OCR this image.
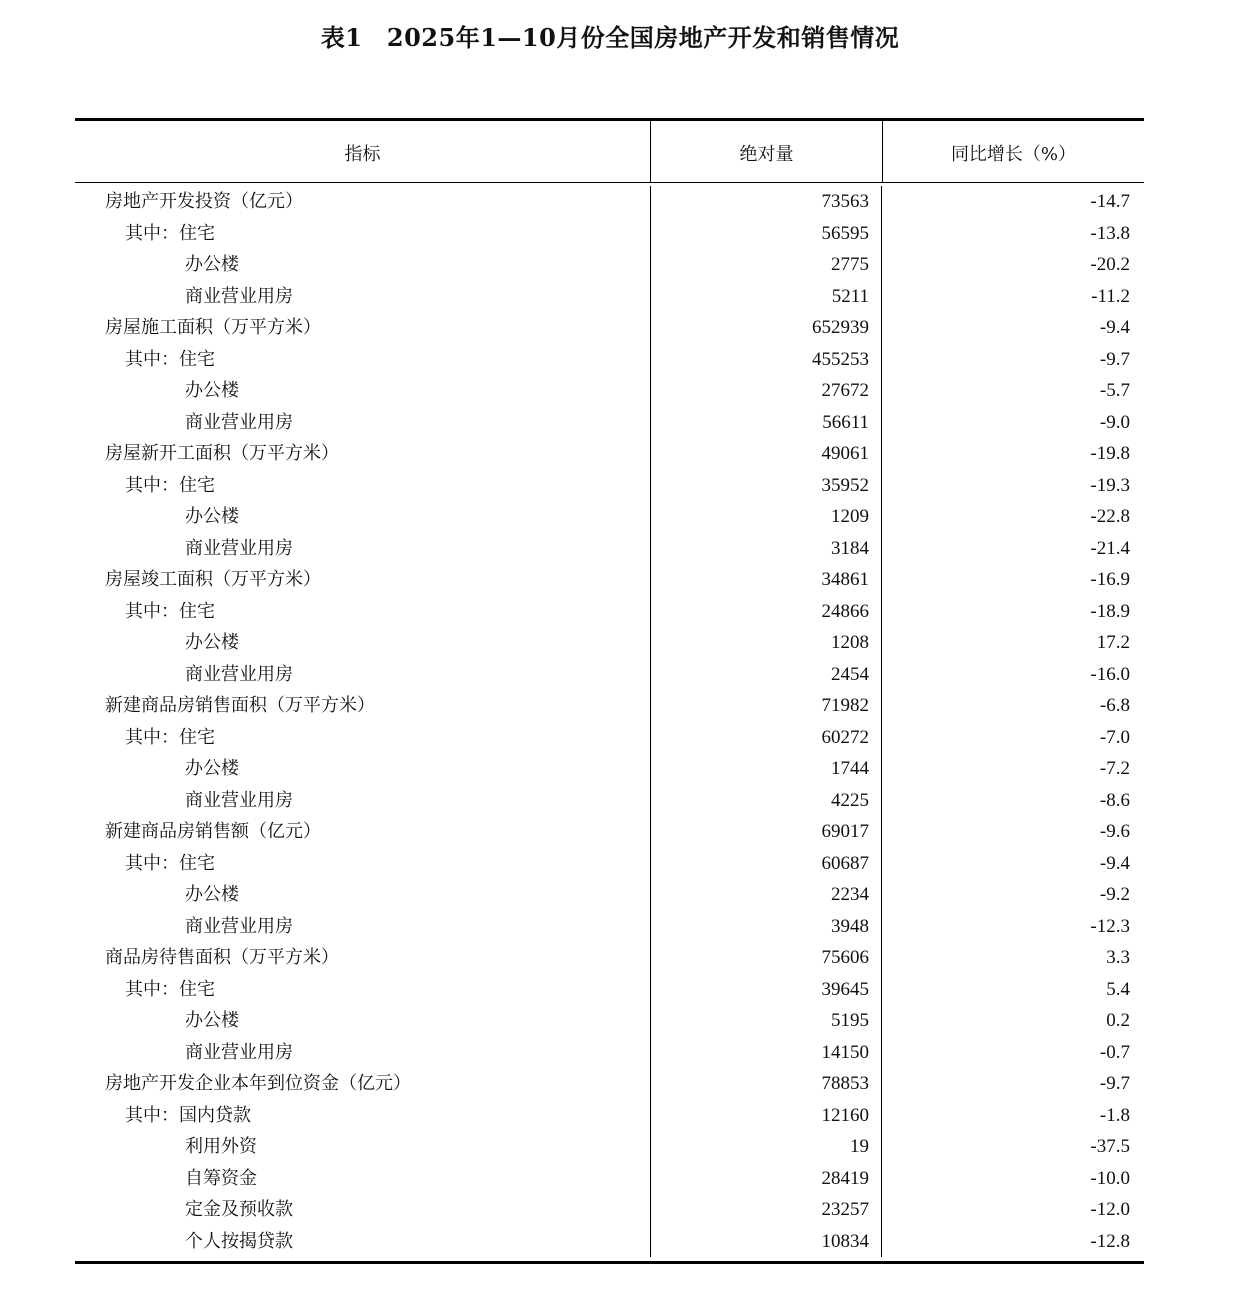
表1　2025年1—10月份全国房地产开发和销售情况
指标	绝对量	同比增长（%）
房地产开发投资（亿元）	73563	-14.7
其中：住宅	56595	-13.8
办公楼	2775	-20.2
商业营业用房	5211	-11.2
房屋施工面积（万平方米）	652939	-9.4
其中：住宅	455253	-9.7
办公楼	27672	-5.7
商业营业用房	56611	-9.0
房屋新开工面积（万平方米）	49061	-19.8
其中：住宅	35952	-19.3
办公楼	1209	-22.8
商业营业用房	3184	-21.4
房屋竣工面积（万平方米）	34861	-16.9
其中：住宅	24866	-18.9
办公楼	1208	17.2
商业营业用房	2454	-16.0
新建商品房销售面积（万平方米）	71982	-6.8
其中：住宅	60272	-7.0
办公楼	1744	-7.2
商业营业用房	4225	-8.6
新建商品房销售额（亿元）	69017	-9.6
其中：住宅	60687	-9.4
办公楼	2234	-9.2
商业营业用房	3948	-12.3
商品房待售面积（万平方米）	75606	3.3
其中：住宅	39645	5.4
办公楼	5195	0.2
商业营业用房	14150	-0.7
房地产开发企业本年到位资金（亿元）	78853	-9.7
其中：国内贷款	12160	-1.8
利用外资	19	-37.5
自筹资金	28419	-10.0
定金及预收款	23257	-12.0
个人按揭贷款	10834	-12.8
